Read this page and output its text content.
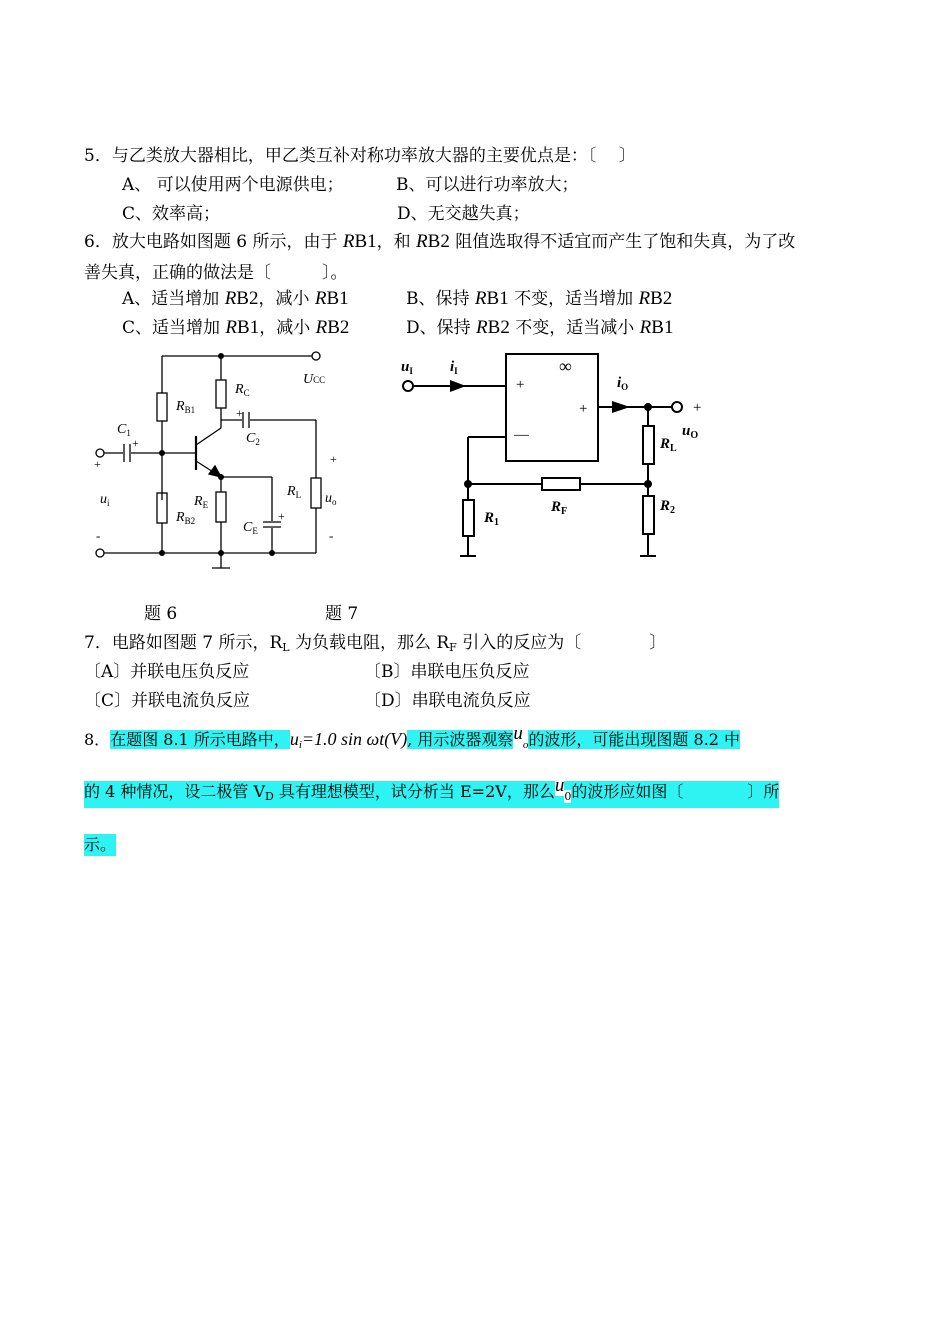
5．与乙类放大器相比，甲乙类互补对称功率放大器的主要优点是：〔　 〕
A、 可以使用两个电源供电；	B、可以进行功率放大；
C、效率高；	D、无交越失真；
6．放大电路如图题 6 所示，由于 RB1，和 RB2 阻值选取得不适宜而产生了饱和失真，为了改
善失真，正确的做法是〔　　　〕。
A、适当增加 RB2，减小 RB1	B、保持 RB1 不变，适当增加 RB2
C、适当增加 RB1，减小 RB2	D、保持 RB2 不变，适当减小 RB1
UCC
$R_C$
$R_{B1}$
$C_1$
+
+
$C_2$
+	+
$R_L$ $u_o$
$R_E$
$u_i$
$R_{B2}$	+
$C_E$
-	-
$u_I$ $i_I$
$i_O$
$R_2$
$R_1$
$R_F$
$R_L$
$u_O$
∞
+
+	+
—
题 6	题 7
7．电路如图题 7 所示，$R_L$ 为负载电阻，那么 $R_F$ 引入的反应为〔　　　　〕
〔A〕并联电压负反应	〔B〕串联电压负反应
〔C〕并联电流负反应	〔D〕串联电流负反应
8．在题图 8.1 所示电路中，$u_i=1.0$ sin ωt(V), 用示波器观察$u_o$的波形，可能出现图题 8.2 中
的 4 种情况，设二极管 $V_D$ 具有理想模型，试分析当 E=2V，那么$u_0$的波形应如图〔　　　　〕所
示。
